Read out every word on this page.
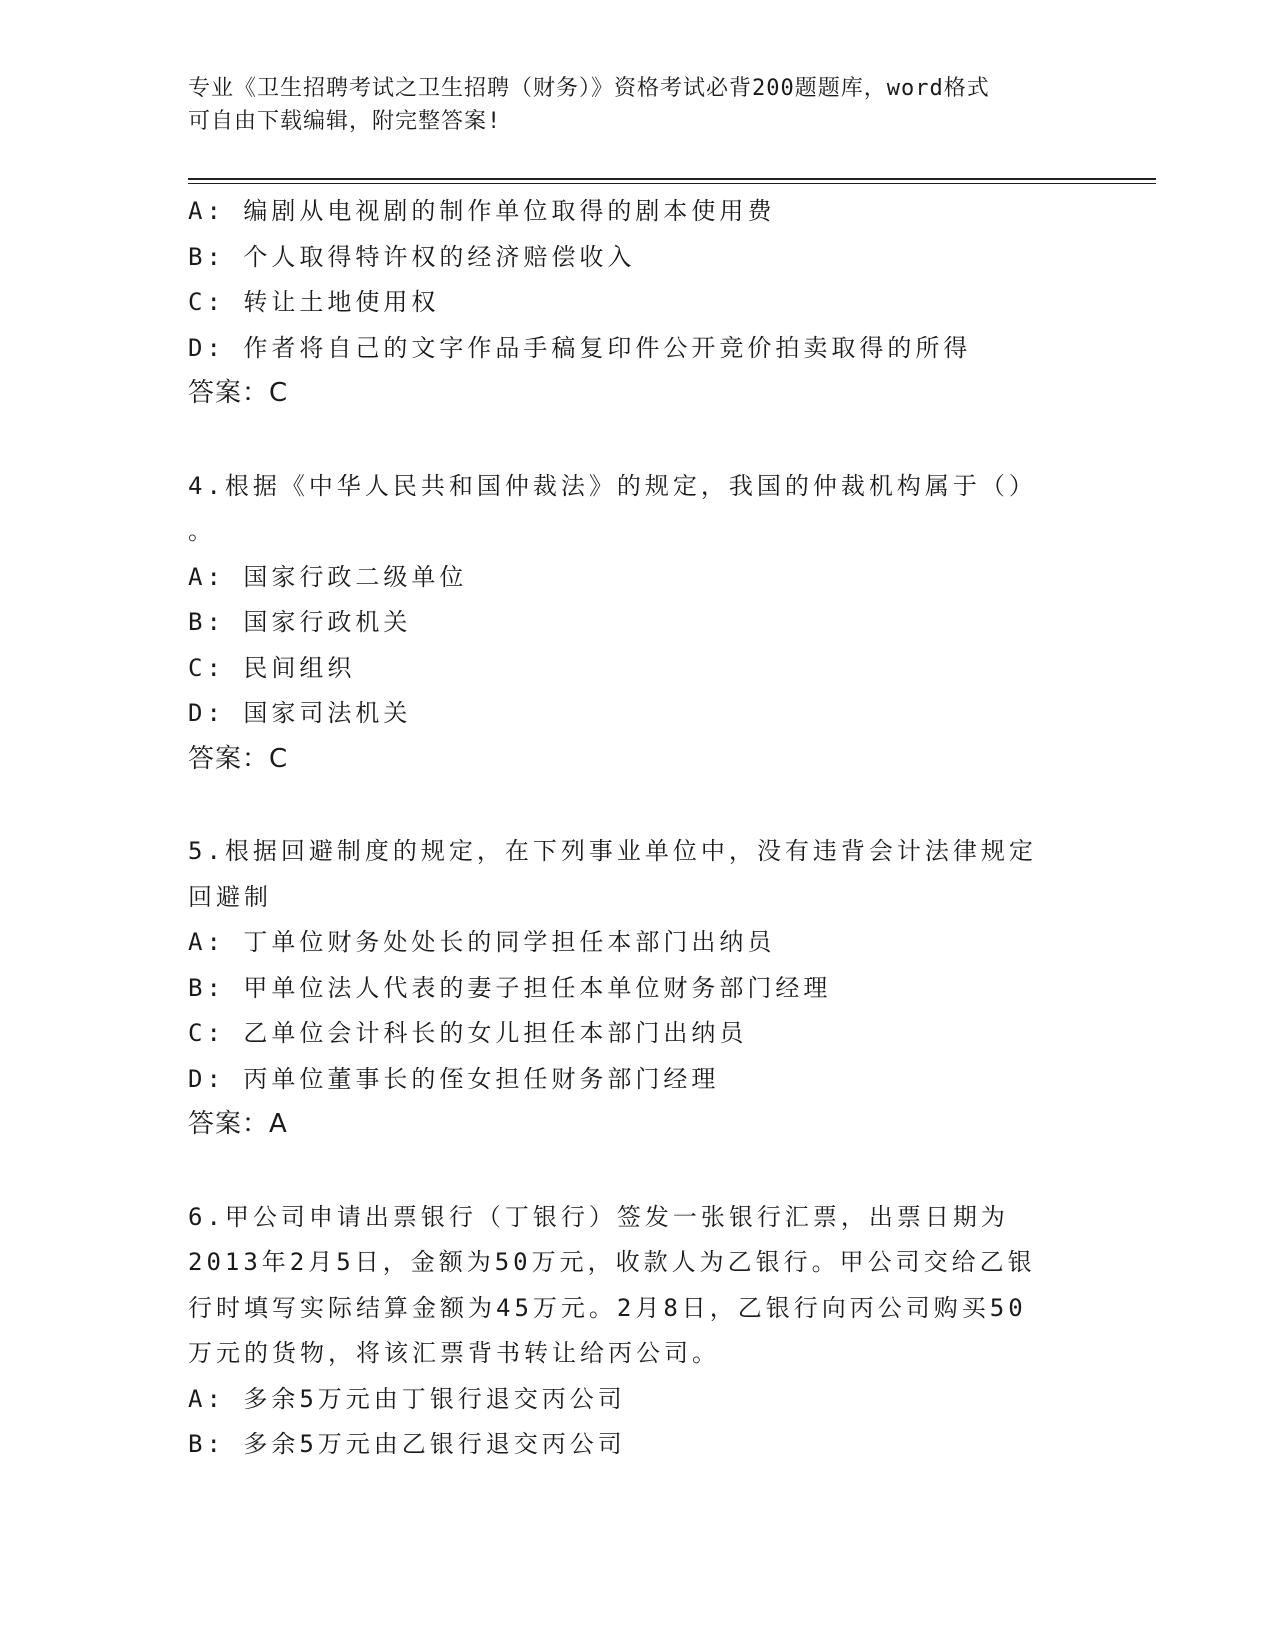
专业《卫生招聘考试之卫生招聘（财务）》资格考试必背200题题库，word格式
可自由下载编辑，附完整答案!
A: 编剧从电视剧的制作单位取得的剧本使用费
B: 个人取得特许权的经济赔偿收入
C: 转让土地使用权
D: 作者将自己的文字作品手稿复印件公开竞价拍卖取得的所得
答案：C
4.根据《中华人民共和国仲裁法》的规定，我国的仲裁机构属于（）
。
A: 国家行政二级单位
B: 国家行政机关
C: 民间组织
D: 国家司法机关
答案：C
5.根据回避制度的规定，在下列事业单位中，没有违背会计法律规定
回避制
A: 丁单位财务处处长的同学担任本部门出纳员
B: 甲单位法人代表的妻子担任本单位财务部门经理
C: 乙单位会计科长的女儿担任本部门出纳员
D: 丙单位董事长的侄女担任财务部门经理
答案：A
6.甲公司申请出票银行（丁银行）签发一张银行汇票，出票日期为
2013年2月5日，金额为50万元，收款人为乙银行。甲公司交给乙银
行时填写实际结算金额为45万元。2月8日，乙银行向丙公司购买50
万元的货物，将该汇票背书转让给丙公司。
A: 多余5万元由丁银行退交丙公司
B: 多余5万元由乙银行退交丙公司
